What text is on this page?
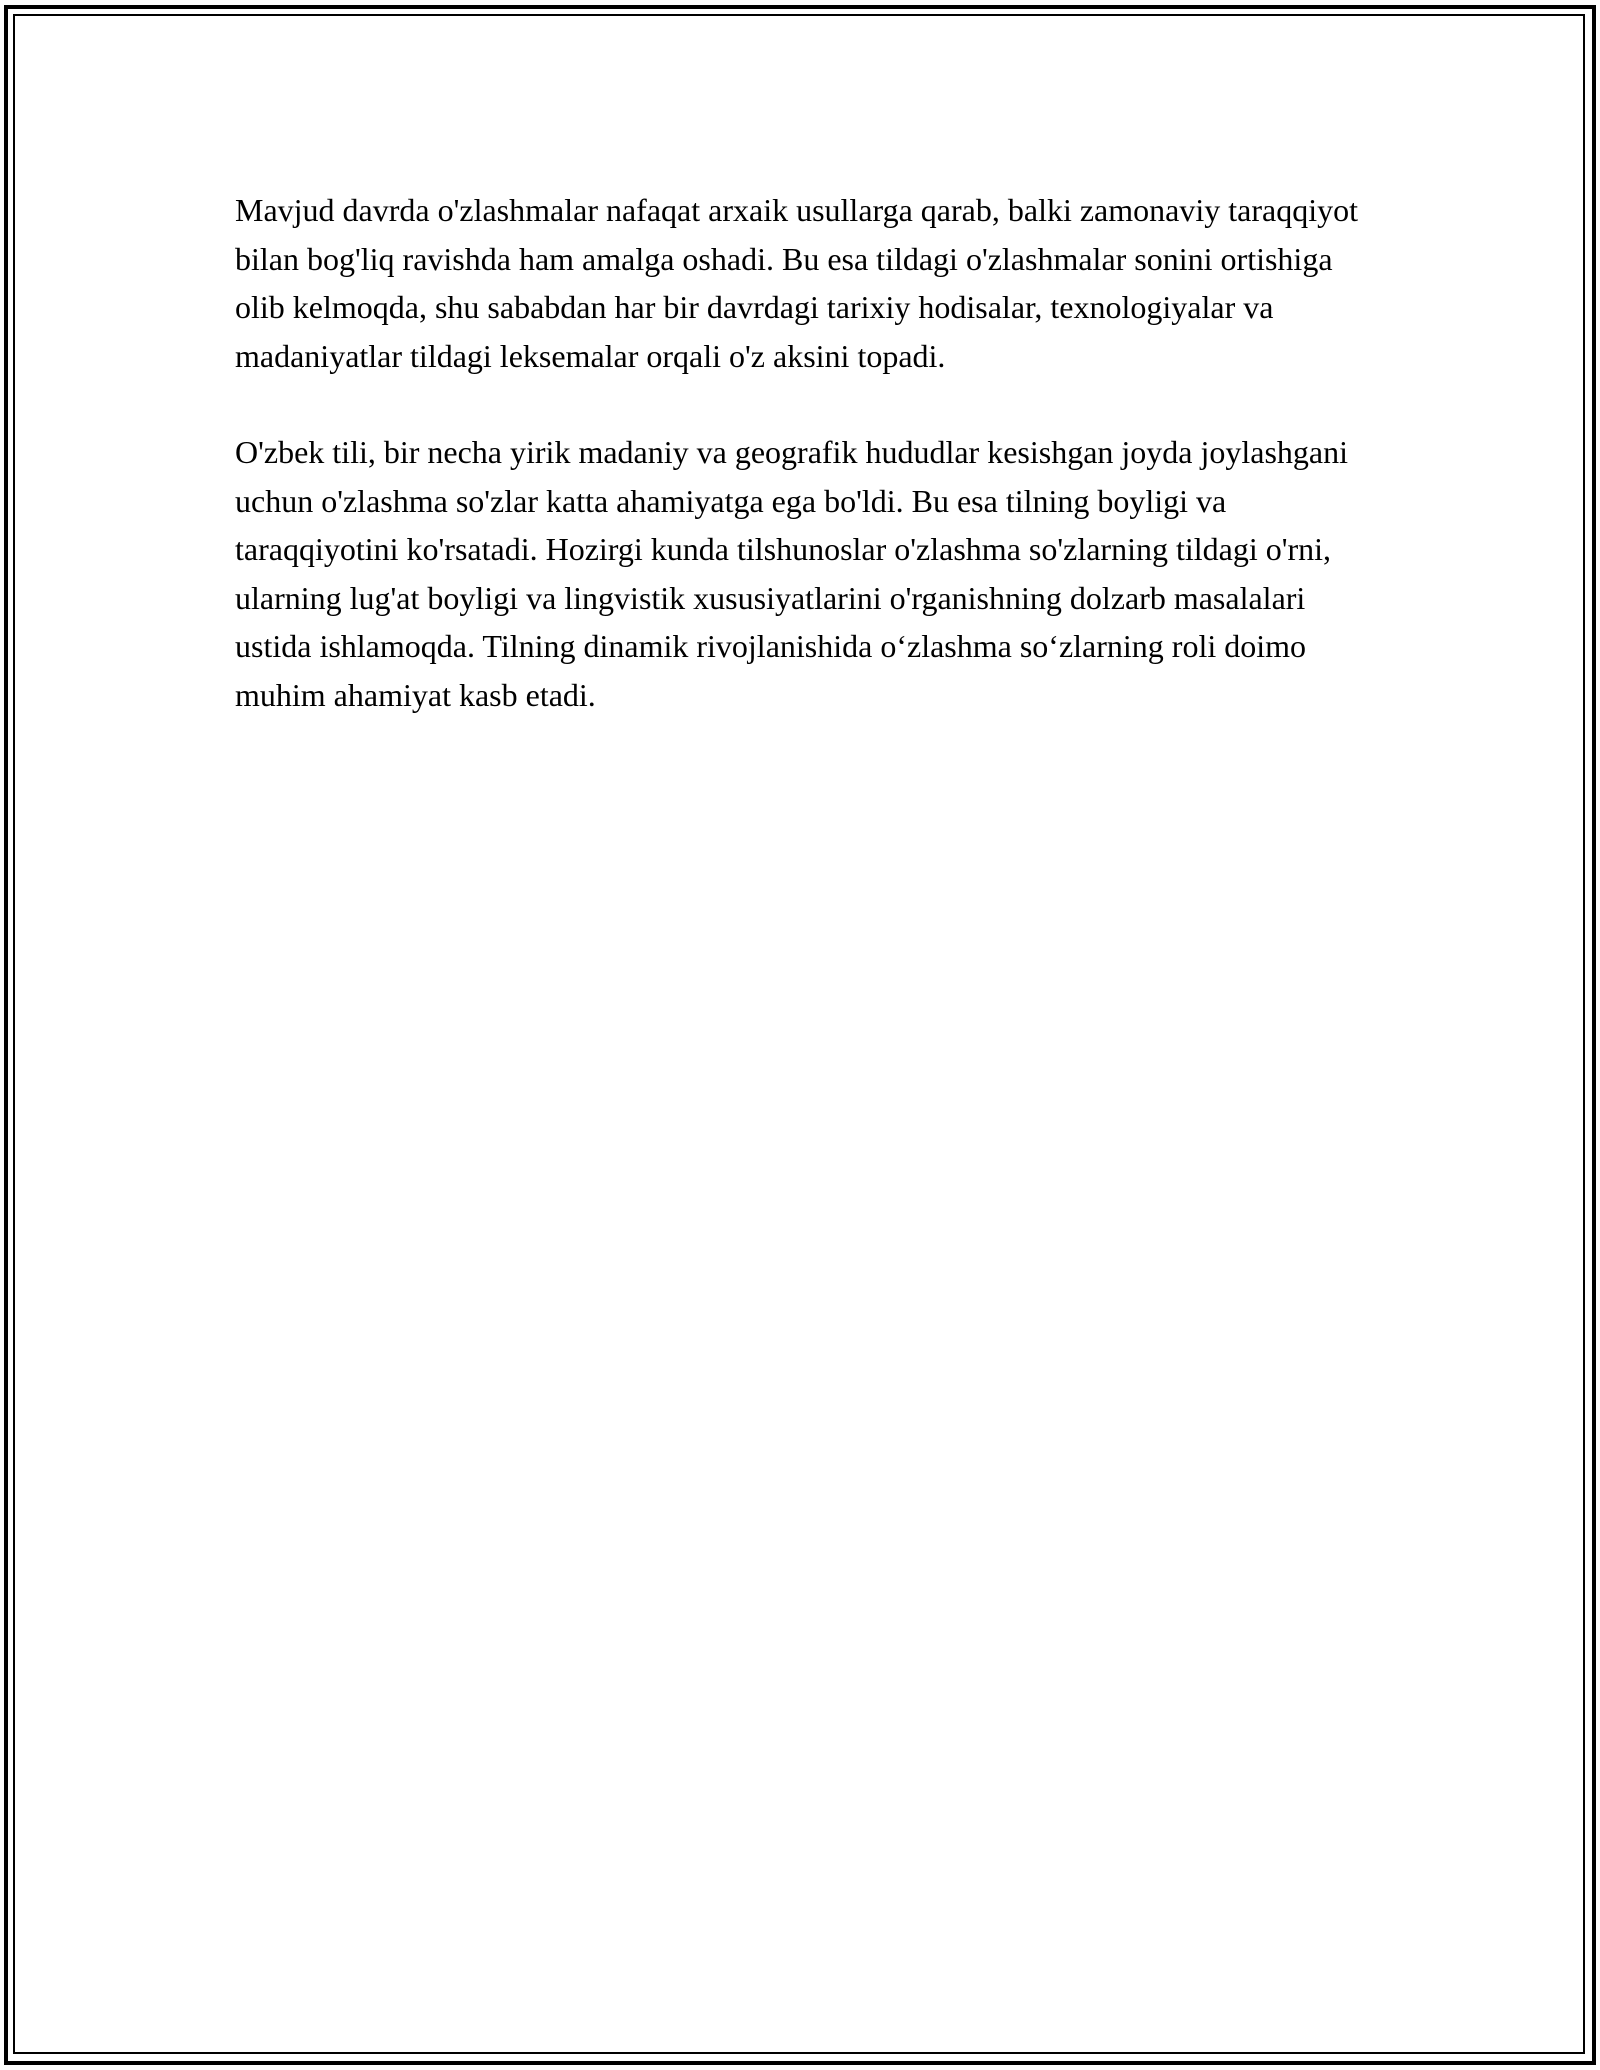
Mavjud davrda o'zlashmalar nafaqat arxaik usullarga qarab, balki zamonaviy taraqqiyot bilan bog'liq ravishda ham amalga oshadi. Bu esa tildagi o'zlashmalar sonini ortishiga olib kelmoqda, shu sababdan har bir davrdagi tarixiy hodisalar, texnologiyalar va madaniyatlar tildagi leksemalar orqali o'z aksini topadi.

O'zbek tili, bir necha yirik madaniy va geografik hududlar kesishgan joyda joylashgani uchun o'zlashma so'zlar katta ahamiyatga ega bo'ldi. Bu esa tilning boyligi va taraqqiyotini ko'rsatadi. Hozirgi kunda tilshunoslar o'zlashma so'zlarning tildagi o'rni, ularning lug'at boyligi va lingvistik xususiyatlarini o'rganishning dolzarb masalalari ustida ishlamoqda. Tilning dinamik rivojlanishida o‘zlashma so‘zlarning roli doimo muhim ahamiyat kasb etadi.
